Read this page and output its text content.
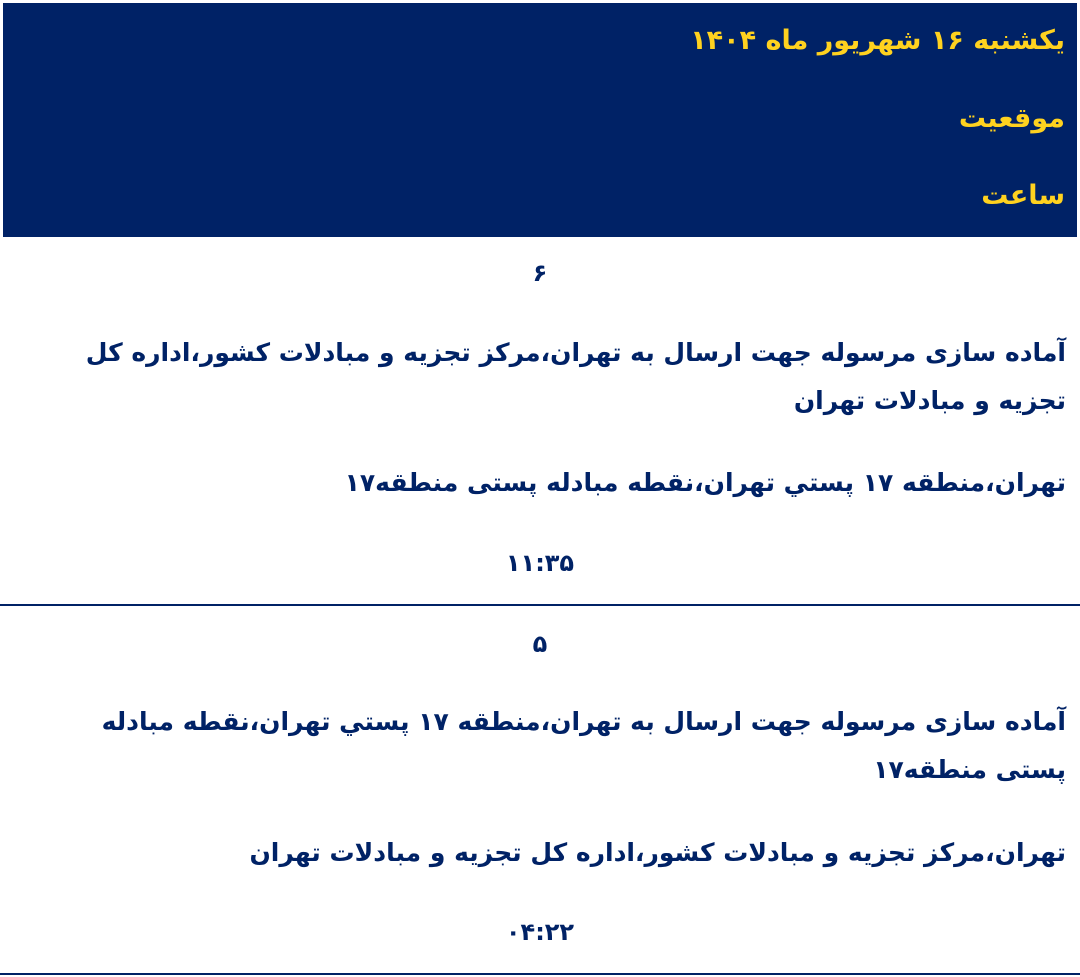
یکشنبه ۱۶ شهریور ماه ۱۴۰۴
موقعیت
ساعت
۶
آماده سازی مرسوله جهت ارسال به تهران،مرکز تجزیه و مبادلات کشور،اداره کل تجزیه و مبادلات تهران
تهران،منطقه ۱۷ پستي تهران،نقطه مبادله پستی منطقه۱۷
۱۱:۳۵
۵
آماده سازی مرسوله جهت ارسال به تهران،منطقه ۱۷ پستي تهران،نقطه مبادله پستی منطقه۱۷
تهران،مرکز تجزیه و مبادلات کشور،اداره کل تجزیه و مبادلات تهران
۰۴:۲۲
